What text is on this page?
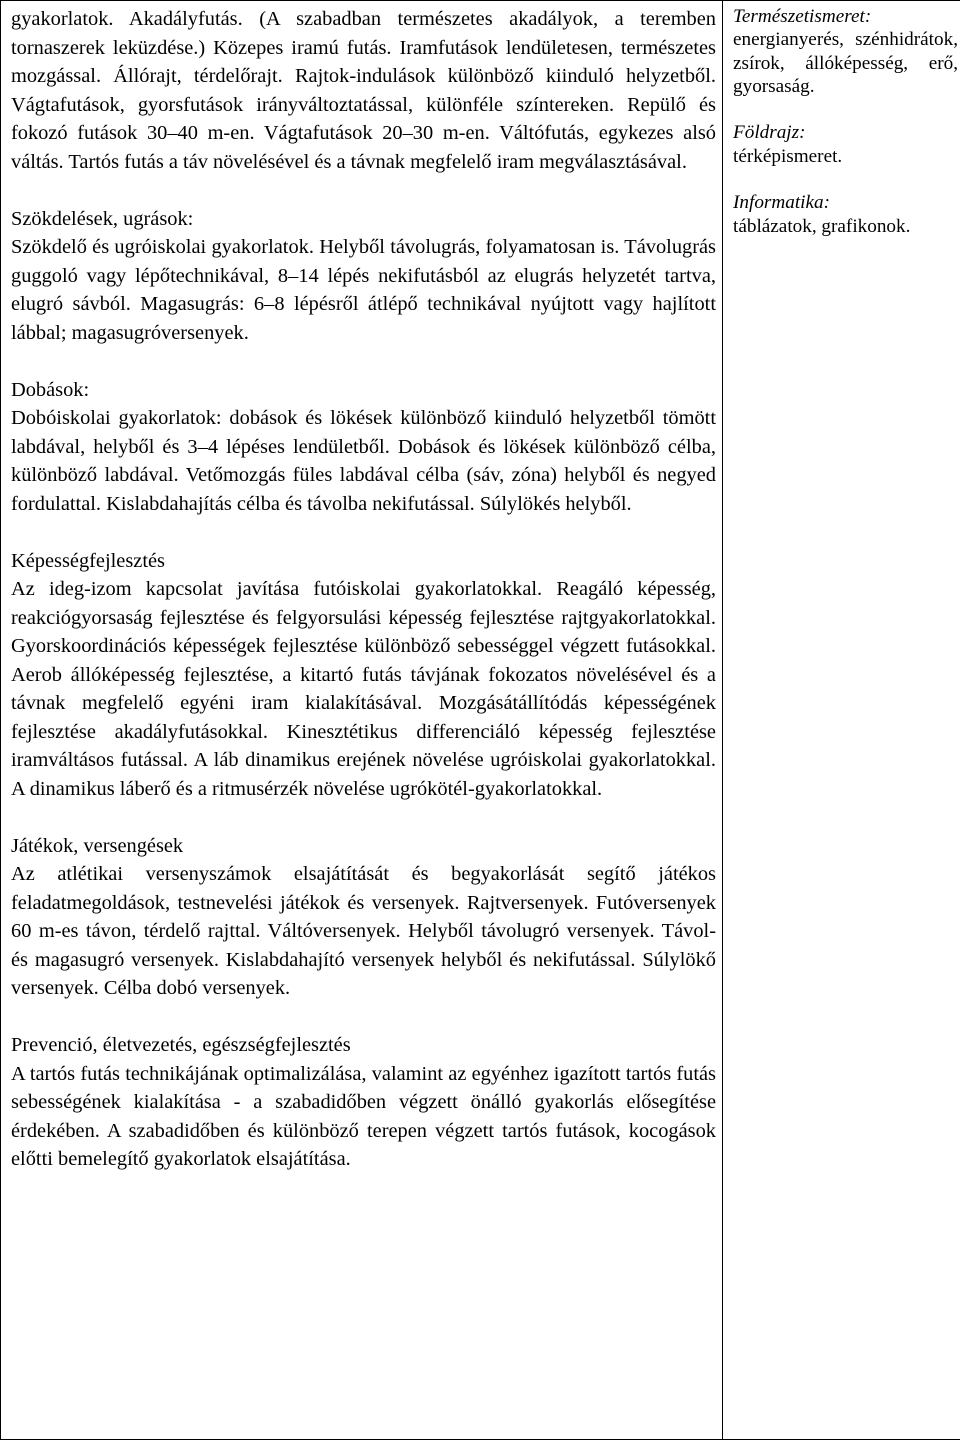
gyakorlatok. Akadályfutás. (A szabadban természetes akadályok, a teremben tornaszerek leküzdése.) Közepes iramú futás. Iramfutások lendületesen, természetes mozgással. Állórajt, térdelőrajt. Rajtok-indulások különböző kiinduló helyzetből. Vágtafutások, gyorsfutások irányváltoztatással, különféle színtereken. Repülő és fokozó futások 30–40 m-en. Vágtafutások 20–30 m-en. Váltófutás, egykezes alsó váltás. Tartós futás a táv növelésével és a távnak megfelelő iram megválasztásával.

Szökdelések, ugrások:
Szökdelő és ugróiskolai gyakorlatok. Helyből távolugrás, folyamatosan is. Távolugrás guggoló vagy lépőtechnikával, 8–14 lépés nekifutásból az elugrás helyzetét tartva, elugró sávból. Magasugrás: 6–8 lépésről átlépő technikával nyújtott vagy hajlított lábbal; magasugróversenyek.

Dobások:
Dobóiskolai gyakorlatok: dobások és lökések különböző kiinduló helyzetből tömött labdával, helyből és 3–4 lépéses lendületből. Dobások és lökések különböző célba, különböző labdával. Vetőmozgás füles labdával célba (sáv, zóna) helyből és negyed fordulattal. Kislabdahajítás célba és távolba nekifutással. Súlylökés helyből.

Képességfejlesztés
Az ideg-izom kapcsolat javítása futóiskolai gyakorlatokkal. Reagáló képesség, reakciógyorsaság fejlesztése és felgyorsulási képesség fejlesztése rajtgyakorlatokkal. Gyorskoordinációs képességek fejlesztése különböző sebességgel végzett futásokkal. Aerob állóképesség fejlesztése, a kitartó futás távjának fokozatos növelésével és a távnak megfelelő egyéni iram kialakításával. Mozgásátállítódás képességének fejlesztése akadályfutásokkal. Kinesztétikus differenciáló képesség fejlesztése iramváltásos futással. A láb dinamikus erejének növelése ugróiskolai gyakorlatokkal. A dinamikus láberő és a ritmusérzék növelése ugrókötél-gyakorlatokkal.

Játékok, versengések
Az atlétikai versenyszámok elsajátítását és begyakorlását segítő játékos feladatmegoldások, testnevelési játékok és versenyek. Rajtversenyek. Futóversenyek 60 m-es távon, térdelő rajttal. Váltóversenyek. Helyből távolugró versenyek. Távol- és magasugró versenyek. Kislabdahajító versenyek helyből és nekifutással. Súlylökő versenyek. Célba dobó versenyek.

Prevenció, életvezetés, egészségfejlesztés
A tartós futás technikájának optimalizálása, valamint az egyénhez igazított tartós futás sebességének kialakítása - a szabadidőben végzett önálló gyakorlás elősegítése érdekében. A szabadidőben és különböző terepen végzett tartós futások, kocogások előtti bemelegítő gyakorlatok elsajátítása.

Természetismeret:
energianyerés, szénhidrátok, zsírok, állóképesség, erő, gyorsaság.
Földrajz:
térképismeret.
Informatika:
táblázatok, grafikonok.
